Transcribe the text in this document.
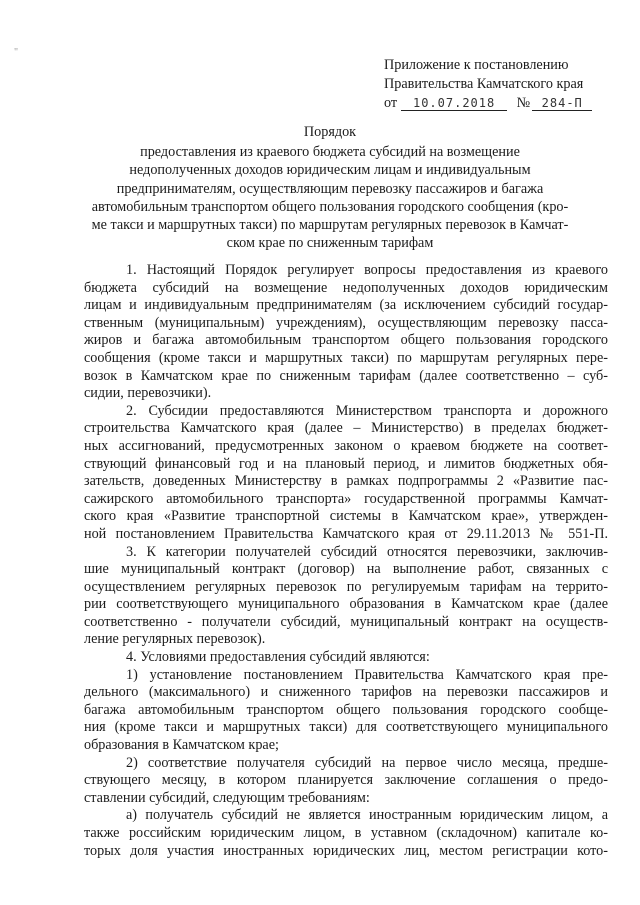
"
Приложение к постановлению
Правительства Камчатского края
от 10.07.2018 № 284-П
Порядок
предоставления из краевого бюджета субсидий на возмещение
недополученных доходов юридическим лицам и индивидуальным
предпринимателям, осуществляющим перевозку пассажиров и багажа
автомобильным транспортом общего пользования городского сообщения (кро-
ме такси и маршрутных такси) по маршрутам регулярных перевозок в Камчат-
ском крае по сниженным тарифам
1. Настоящий Порядок регулирует вопросы предоставления из краевого
бюджета субсидий на возмещение недополученных доходов юридическим
лицам и индивидуальным предпринимателям (за исключением субсидий государ-
ственным (муниципальным) учреждениям), осуществляющим перевозку пасса-
жиров и багажа автомобильным транспортом общего пользования городского
сообщения (кроме такси и маршрутных такси) по маршрутам регулярных пере-
возок в Камчатском крае по сниженным тарифам (далее соответственно – суб-
сидии, перевозчики).
2. Субсидии предоставляются Министерством транспорта и дорожного
строительства Камчатского края (далее – Министерство) в пределах бюджет-
ных ассигнований, предусмотренных законом о краевом бюджете на соответ-
ствующий финансовый год и на плановый период, и лимитов бюджетных обя-
зательств, доведенных Министерству в рамках подпрограммы 2 «Развитие пас-
сажирского автомобильного транспорта» государственной программы Камчат-
ского края «Развитие транспортной системы в Камчатском крае», утвержден-
ной постановлением Правительства Камчатского края от 29.11.2013 № 551-П.
3. К категории получателей субсидий относятся перевозчики, заключив-
шие муниципальный контракт (договор) на выполнение работ, связанных с
осуществлением регулярных перевозок по регулируемым тарифам на террито-
рии соответствующего муниципального образования в Камчатском крае (далее
соответственно - получатели субсидий, муниципальный контракт на осуществ-
ление регулярных перевозок).
4. Условиями предоставления субсидий являются:
1) установление постановлением Правительства Камчатского края пре-
дельного (максимального) и сниженного тарифов на перевозки пассажиров и
багажа автомобильным транспортом общего пользования городского сообще-
ния (кроме такси и маршрутных такси) для соответствующего муниципального
образования в Камчатском крае;
2) соответствие получателя субсидий на первое число месяца, предше-
ствующего месяцу, в котором планируется заключение соглашения о предо-
ставлении субсидий, следующим требованиям:
а) получатель субсидий не является иностранным юридическим лицом, а
также российским юридическим лицом, в уставном (складочном) капитале ко-
торых доля участия иностранных юридических лиц, местом регистрации кото-
